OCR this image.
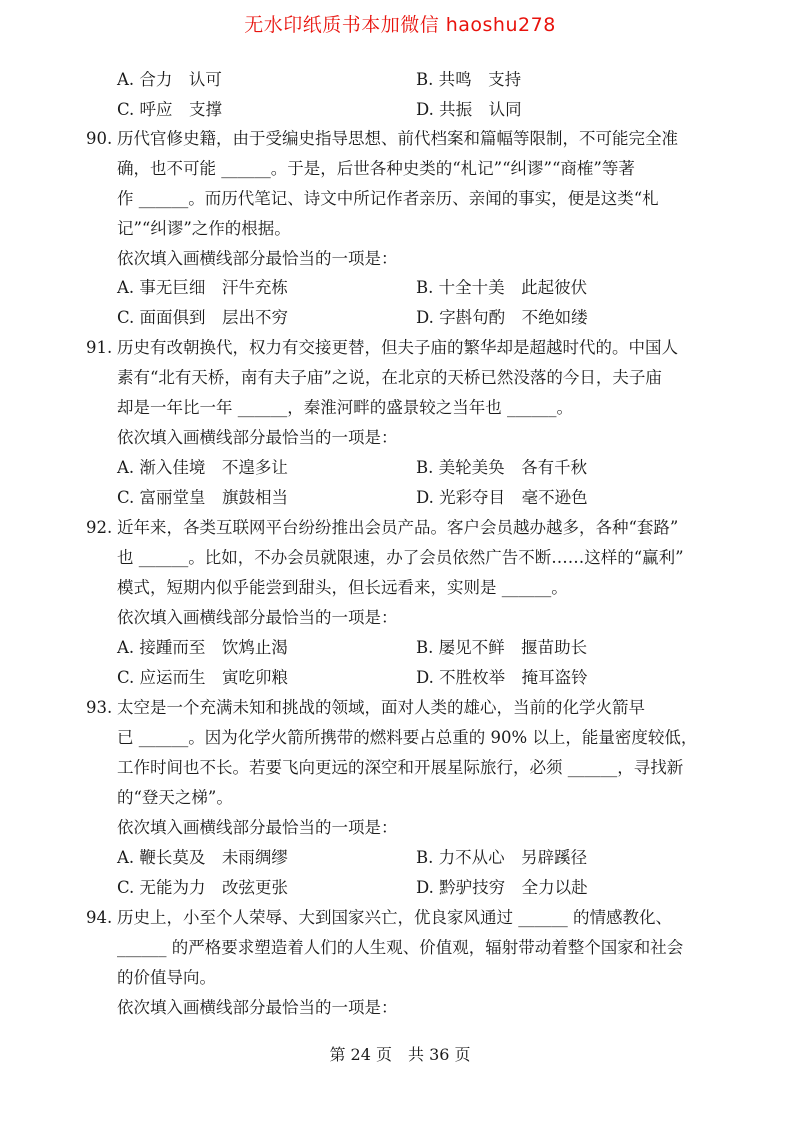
无水印纸质书本加微信 haoshu278
A. 合力　认可	B. 共鸣　支持
C. 呼应　支撑	D. 共振　认同
90. 历代官修史籍，由于受编史指导思想、前代档案和篇幅等限制，不可能完全准
确，也不可能 ______。于是，后世各种史类的“札记”“纠谬”“商榷”等著
作 ______。而历代笔记、诗文中所记作者亲历、亲闻的事实，便是这类“札
记”“纠谬”之作的根据。
依次填入画横线部分最恰当的一项是：
A. 事无巨细　汗牛充栋	B. 十全十美　此起彼伏
C. 面面俱到　层出不穷	D. 字斟句酌　不绝如缕
91. 历史有改朝换代，权力有交接更替，但夫子庙的繁华却是超越时代的。中国人
素有“北有天桥，南有夫子庙”之说，在北京的天桥已然没落的今日，夫子庙
却是一年比一年 ______，秦淮河畔的盛景较之当年也 ______。
依次填入画横线部分最恰当的一项是：
A. 渐入佳境　不遑多让	B. 美轮美奂　各有千秋
C. 富丽堂皇　旗鼓相当	D. 光彩夺目　毫不逊色
92. 近年来，各类互联网平台纷纷推出会员产品。客户会员越办越多，各种“套路”
也 ______。比如，不办会员就限速，办了会员依然广告不断……这样的“赢利”
模式，短期内似乎能尝到甜头，但长远看来，实则是 ______。
依次填入画横线部分最恰当的一项是：
A. 接踵而至　饮鸩止渴	B. 屡见不鲜　揠苗助长
C. 应运而生　寅吃卯粮	D. 不胜枚举　掩耳盗铃
93. 太空是一个充满未知和挑战的领域，面对人类的雄心，当前的化学火箭早
已 ______。因为化学火箭所携带的燃料要占总重的 90% 以上，能量密度较低，
工作时间也不长。若要飞向更远的深空和开展星际旅行，必须 ______，寻找新
的“登天之梯”。
依次填入画横线部分最恰当的一项是：
A. 鞭长莫及　未雨绸缪	B. 力不从心　另辟蹊径
C. 无能为力　改弦更张	D. 黔驴技穷　全力以赴
94. 历史上，小至个人荣辱、大到国家兴亡，优良家风通过 ______ 的情感教化、
______ 的严格要求塑造着人们的人生观、价值观，辐射带动着整个国家和社会
的价值导向。
依次填入画横线部分最恰当的一项是：
第 24 页　共 36 页
